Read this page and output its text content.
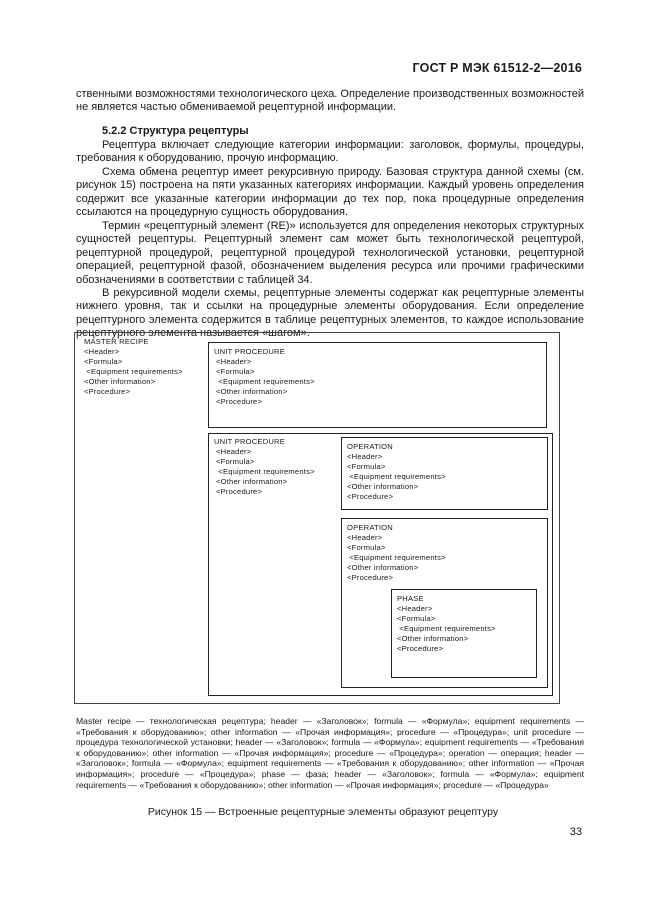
ГОСТ Р МЭК 61512-2—2016

ственными возможностями технологического цеха. Определение производственных возможностей не является частью обмениваемой рецептурной информации.

5.2.2 Структура рецептуры

Рецептура включает следующие категории информации: заголовок, формулы, процедуры, требования к оборудованию, прочую информацию.

Схема обмена рецептур имеет рекурсивную природу. Базовая структура данной схемы (см. рисунок 15) построена на пяти указанных категориях информации. Каждый уровень определения содержит все указанные категории информации до тех пор, пока процедурные определения ссылаются на процедурную сущность оборудования.

Термин «рецептурный элемент (RE)» используется для определения некоторых структурных сущностей рецептуры. Рецептурный элемент сам может быть технологической рецептурой, рецептурной процедурой, рецептурной процедурой технологической установки, рецептурной операцией, рецептурной фазой, обозначением выделения ресурса или прочими графическими обозначениями в соответствии с таблицей 34.

В рекурсивной модели схемы, рецептурные элементы содержат как рецептурные элементы нижнего уровня, так и ссылки на процедурные элементы оборудования. Если определение рецептурного элемента содержится в таблице рецептурных элементов, то каждое использование рецептурного элемента называется «шагом».

MASTER RECIPE
<Header>
<Formula>
<Equipment requirements>
<Other information>
<Procedure>
UNIT PROCEDURE
<Header>
<Formula>
<Equipment requirements>
<Other information>
<Procedure>
UNIT PROCEDURE
<Header>
<Formula>
<Equipment requirements>
<Other information>
<Procedure>
OPERATION
<Header>
<Formula>
<Equipment requirements>
<Other information>
<Procedure>
OPERATION
<Header>
<Formula>
<Equipment requirements>
<Other information>
<Procedure>
PHASE
<Header>
<Formula>
<Equipment requirements>
<Other information>
<Procedure>

Master recipe — технологическая рецептура; header — «Заголовок»; formula — «Формула»; equipment requirements — «Требования к оборудованию»; other information — «Прочая информация»; procedure — «Процедура»; unit procedure — процедура технологической установки; header — «Заголовок»; formula — «Формула»; equipment requirements — «Требования к оборудованию»; other information — «Прочая информация»; procedure — «Процедура»; operation — операция; header — «Заголовок»; formula — «Формула»; equipment requirements — «Требования к оборудованию»; other information — «Прочая информация»; procedure — «Процедура»; phase — фаза; header — «Заголовок»; formula — «Формула»; equipment requirements — «Требования к оборудованию»; other information — «Прочая информация»; procedure — «Процедура»

Рисунок 15 — Встроенные рецептурные элементы образуют рецептуру
33
